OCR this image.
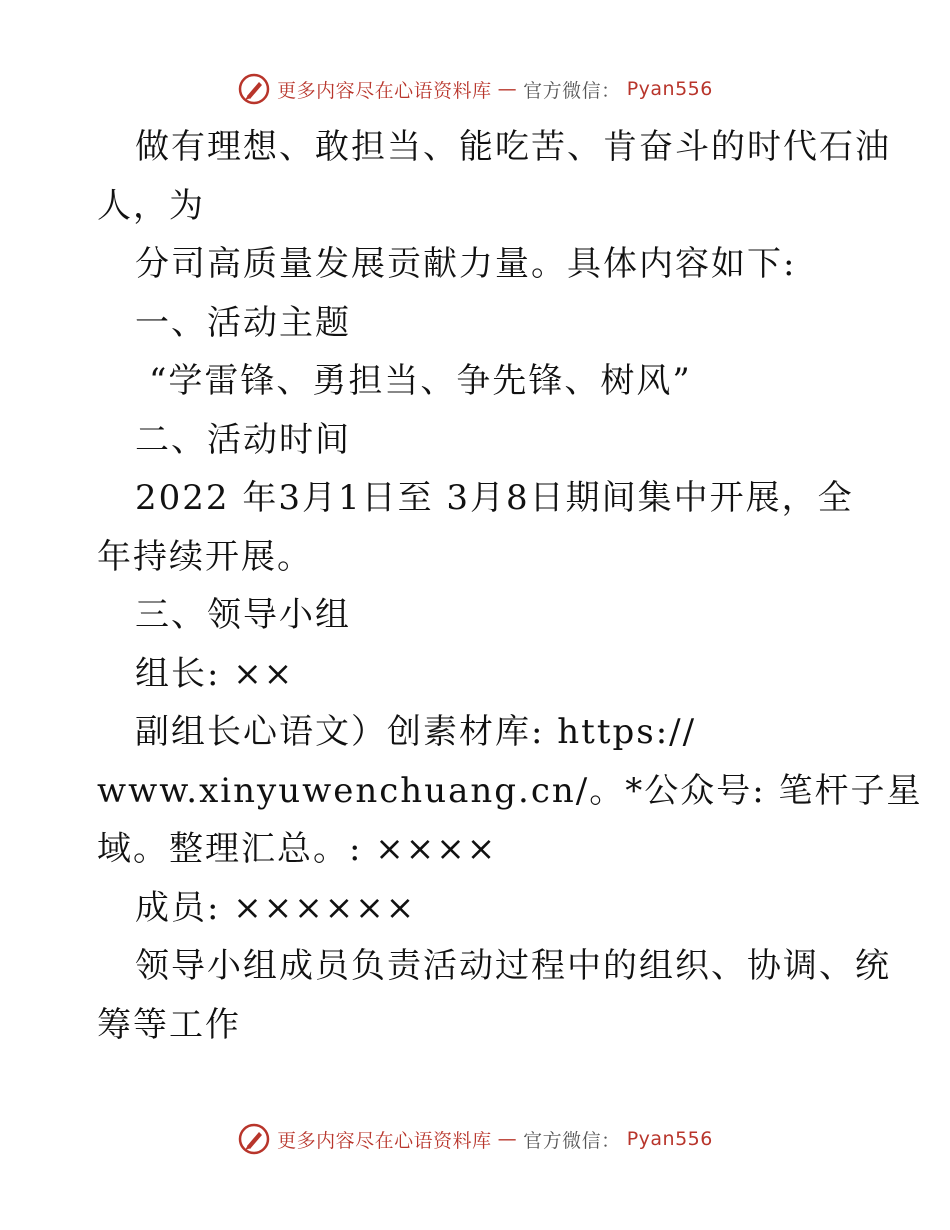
更多内容尽在心语资料库 — 官方微信： Pyan556
做有理想、敢担当、能吃苦、肯奋斗的时代石油
人，为
分司高质量发展贡献力量。具体内容如下:
一、活动主题
“学雷锋、勇担当、争先锋、树风”
二、活动时间
2022 年3月1日至 3月8日期间集中开展，全
年持续开展。
三、领导小组
组长: ××
副组长心语文）创素材库: https://
www.xinyuwenchuang.cn/。*公众号: 笔杆子星
域。整理汇总。: ××××
成员: ××××××
领导小组成员负责活动过程中的组织、协调、统
筹等工作
更多内容尽在心语资料库 — 官方微信： Pyan556
